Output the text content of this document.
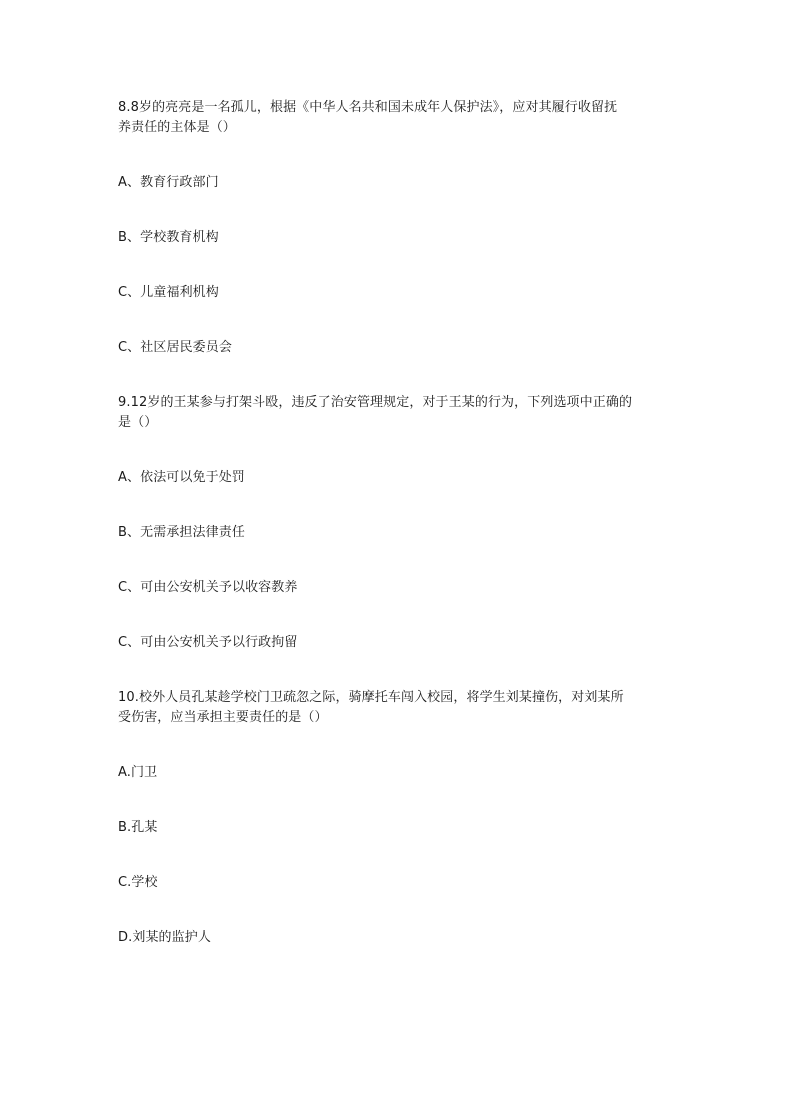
8.8岁的亮亮是一名孤儿，根据《中华人名共和国未成年人保护法》，应对其履行收留抚
养责任的主体是（）
A、教育行政部门
B、学校教育机构
C、儿童福利机构
C、社区居民委员会
9.12岁的王某参与打架斗殴，违反了治安管理规定，对于王某的行为，下列选项中正确的
是（）
A、依法可以免于处罚
B、无需承担法律责任
C、可由公安机关予以收容教养
C、可由公安机关予以行政拘留
10.校外人员孔某趁学校门卫疏忽之际，骑摩托车闯入校园，将学生刘某撞伤，对刘某所
受伤害，应当承担主要责任的是（）
A.门卫
B.孔某
C.学校
D.刘某的监护人
